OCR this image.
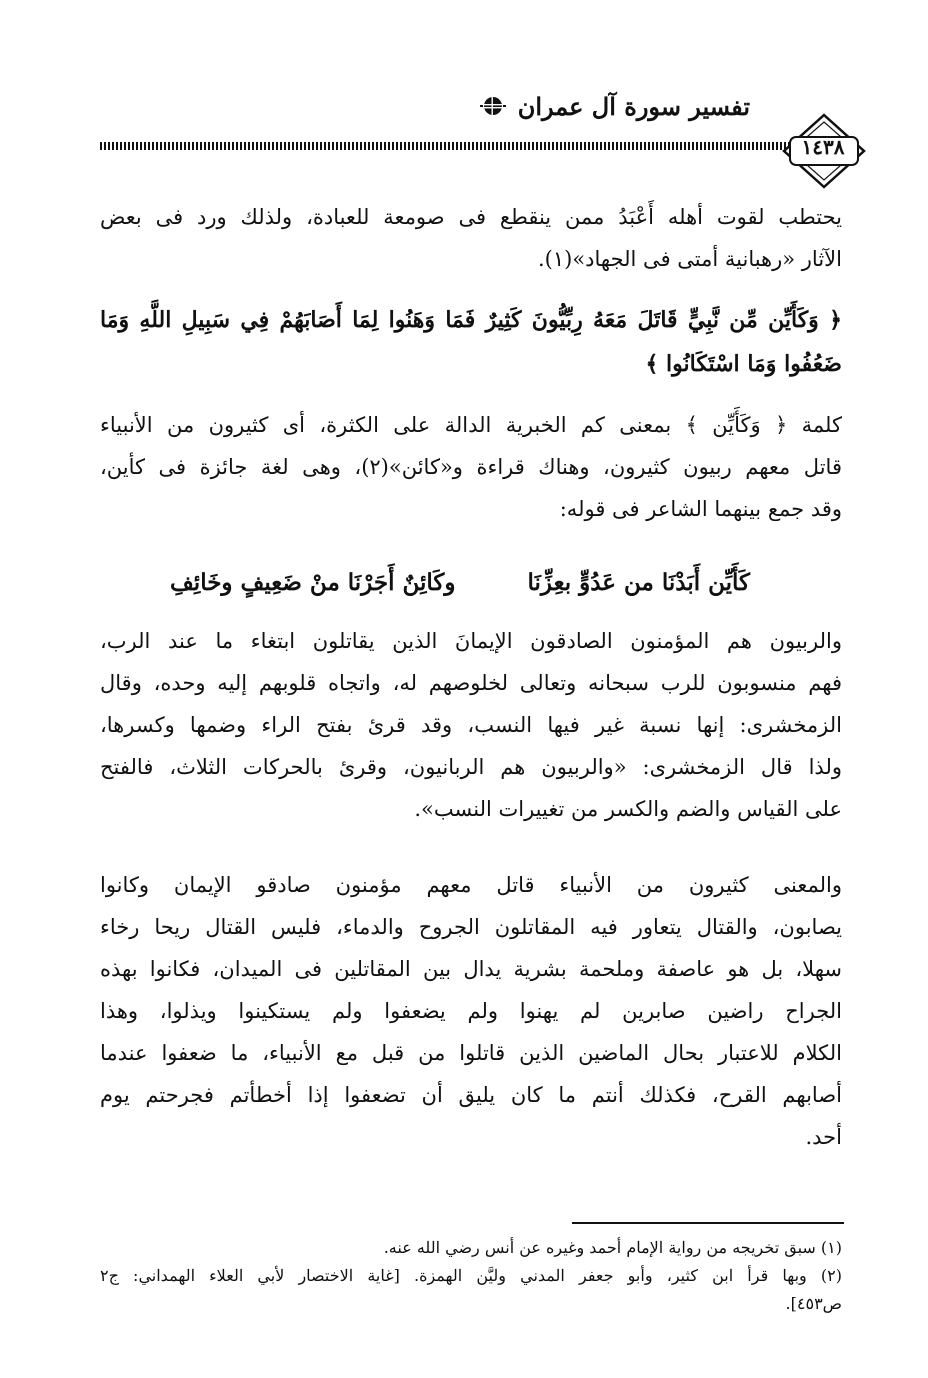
تفسير سورة آل عمران
١٤٣٨

يحتطب لقوت أهله أَعْبَدُ ممن ينقطع فى صومعة للعبادة، ولذلك ورد فى بعض
الآثار «رهبانية أمتى فى الجهاد»(١).

﴿ وَكَأَيِّن مِّن نَّبِيٍّ قَاتَلَ مَعَهُ رِبِّيُّونَ كَثِيرٌ فَمَا وَهَنُوا لِمَا أَصَابَهُمْ فِي سَبِيلِ اللَّهِ وَمَا
ضَعُفُوا وَمَا اسْتَكَانُوا ﴾

كلمة ﴿ وَكَأَيِّن ﴾ بمعنى كم الخبرية الدالة على الكثرة، أى كثيرون من الأنبياء
قاتل معهم ربيون كثيرون، وهناك قراءة و«كائن»(٢)، وهى لغة جائزة فى كأين،
وقد جمع بينهما الشاعر فى قوله:

كَأَيِّن أَبَدْنَا من عَدُوٍّ بعِزِّنَا
وكَائِنٌ أَجَرْنَا منْ ضَعِيفٍ وخَائِفِ

والربيون هم المؤمنون الصادقون الإيمانَ الذين يقاتلون ابتغاء ما عند الرب،
فهم منسوبون للرب سبحانه وتعالى لخلوصهم له، واتجاه قلوبهم إليه وحده، وقال
الزمخشرى: إنها نسبة غير فيها النسب، وقد قرئ بفتح الراء وضمها وكسرها،
ولذا قال الزمخشرى: «والربيون هم الربانيون، وقرئ بالحركات الثلاث، فالفتح
على القياس والضم والكسر من تغييرات النسب».

والمعنى كثيرون من الأنبياء قاتل معهم مؤمنون صادقو الإيمان وكانوا
يصابون، والقتال يتعاور فيه المقاتلون الجروح والدماء، فليس القتال ريحا رخاء
سهلا، بل هو عاصفة وملحمة بشرية يدال بين المقاتلين فى الميدان، فكانوا بهذه
الجراح راضين صابرين لم يهنوا ولم يضعفوا ولم يستكينوا ويذلوا، وهذا
الكلام للاعتبار بحال الماضين الذين قاتلوا من قبل مع الأنبياء، ما ضعفوا عندما
أصابهم القرح، فكذلك أنتم ما كان يليق أن تضعفوا إذا أخطأتم فجرحتم يوم
أحد.

(١) سبق تخريجه من رواية الإمام أحمد وغيره عن أنس رضي الله عنه.
(٢) وبها قرأ ابن كثير، وأبو جعفر المدني وليَّن الهمزة. [غاية الاختصار لأبي العلاء الهمداني: ج٢
ص٤٥٣].
